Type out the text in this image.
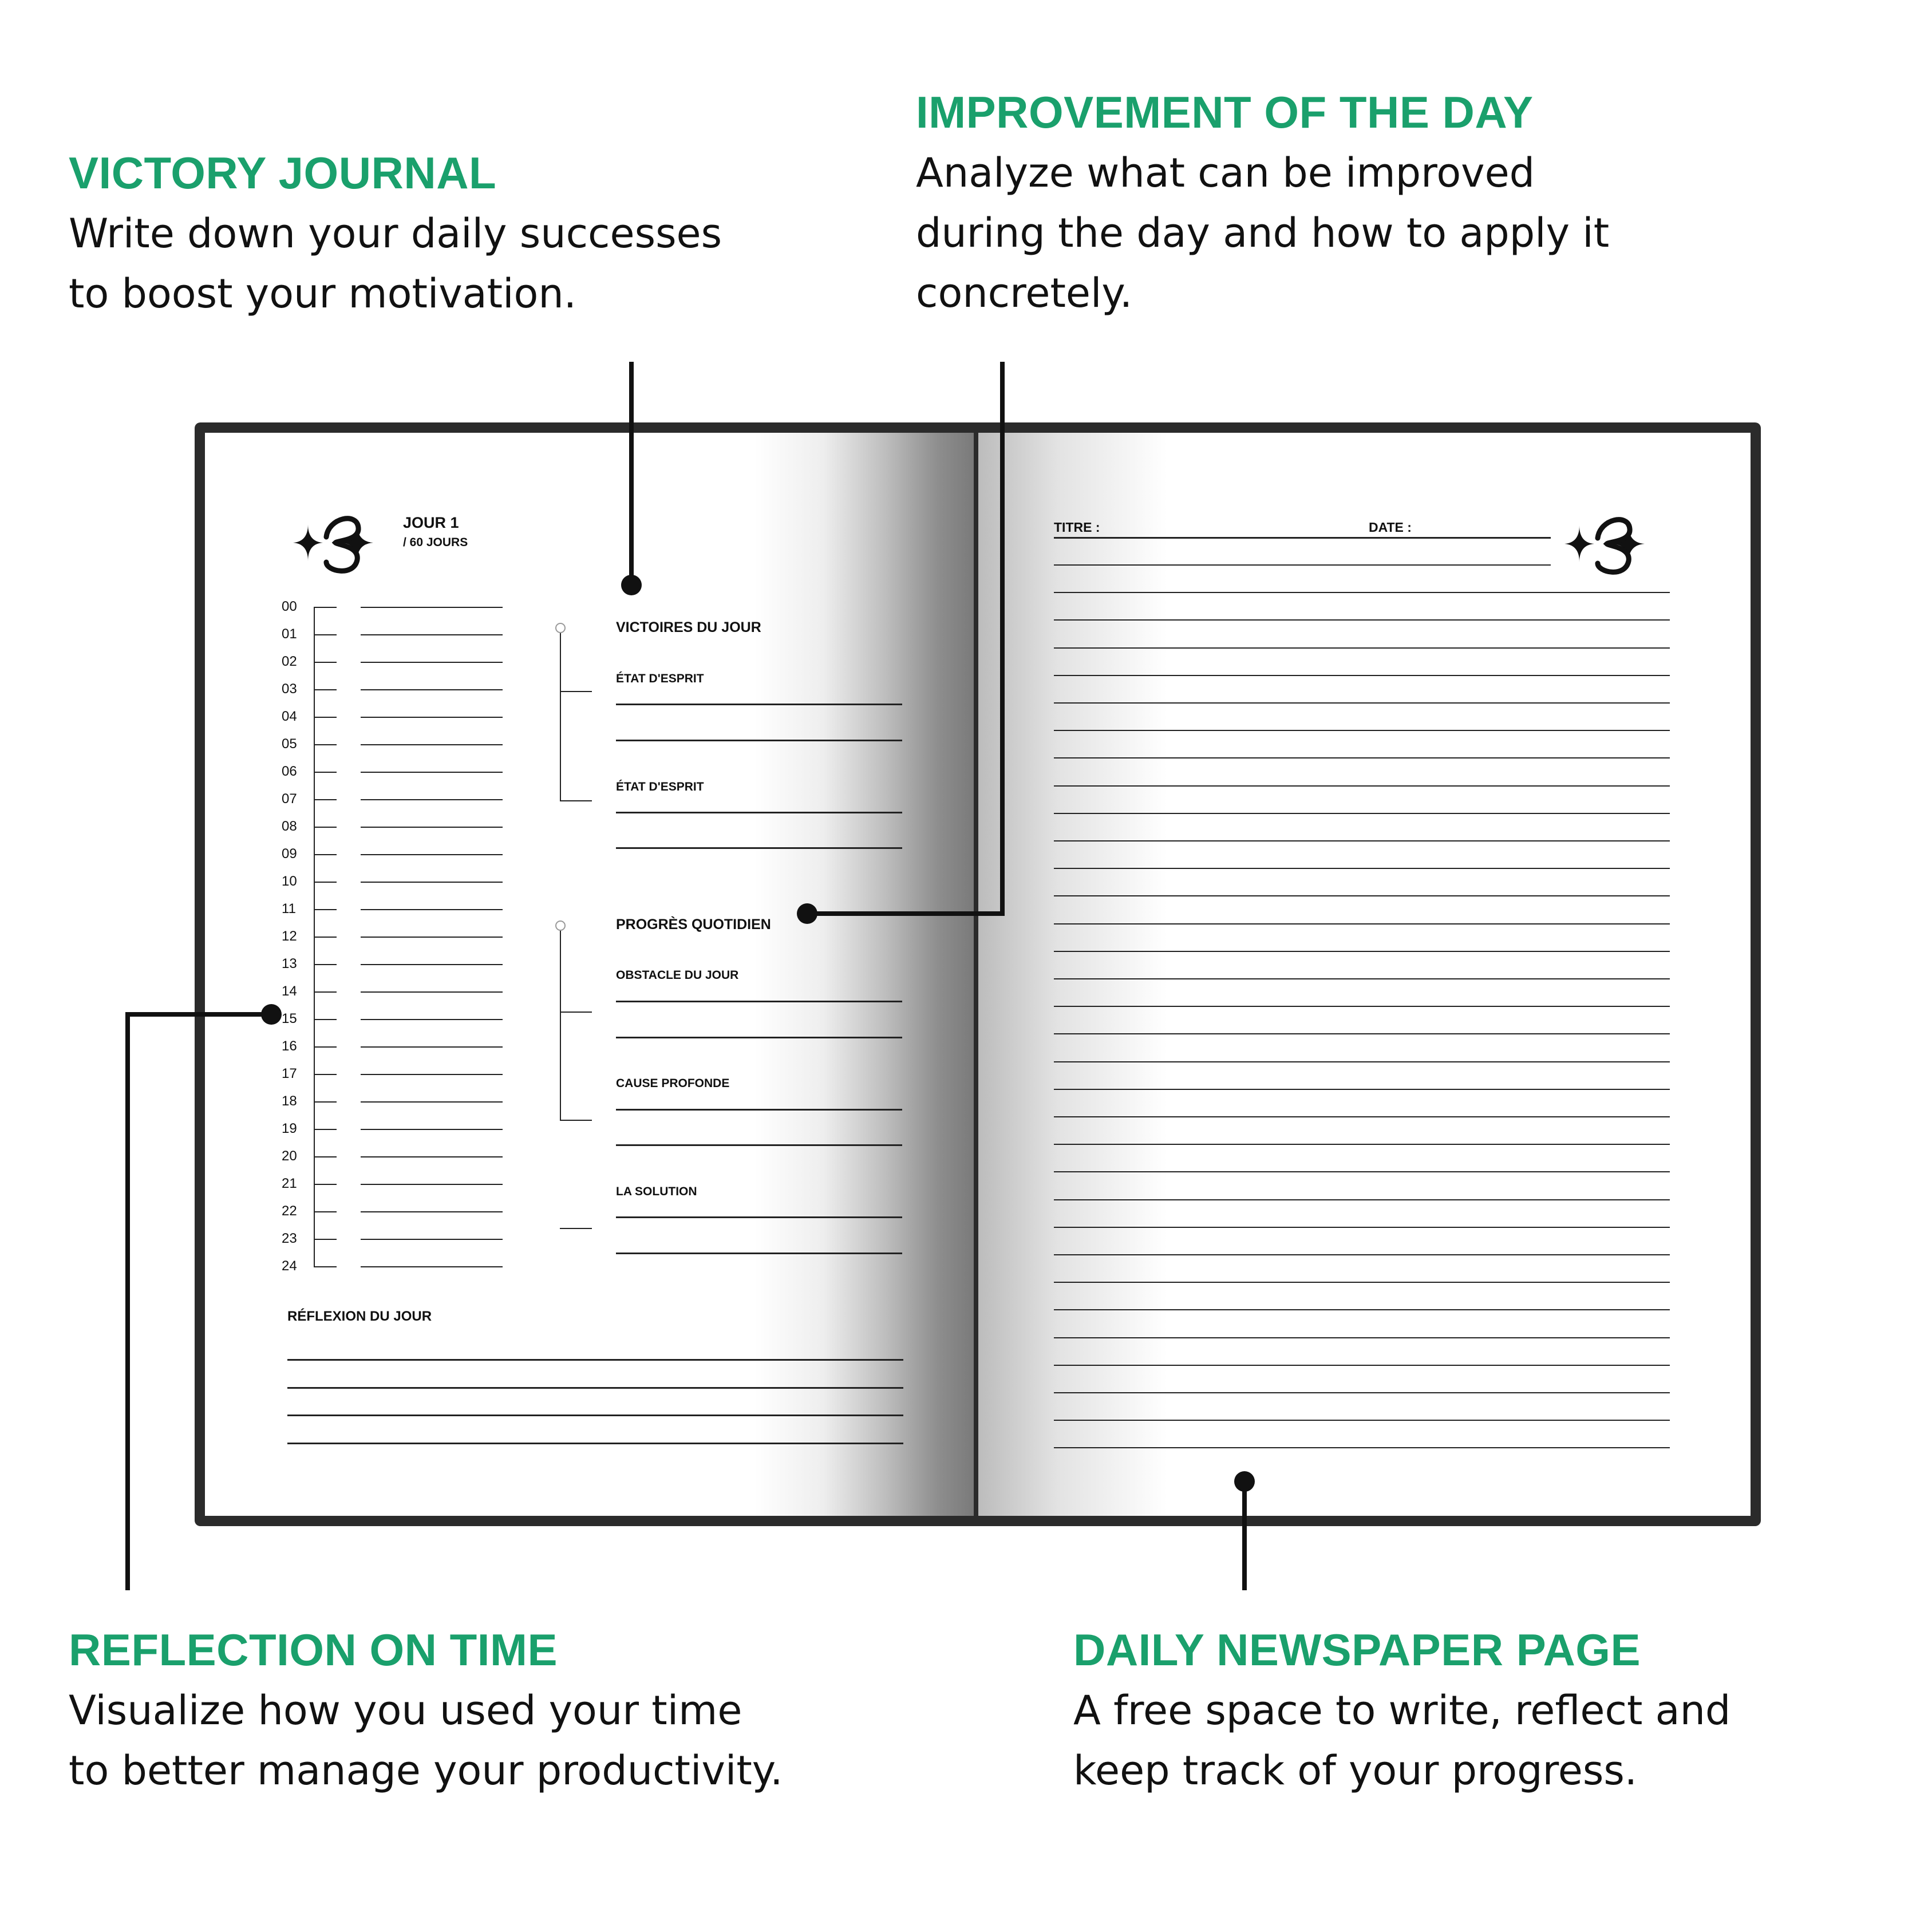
VICTORY JOURNAL
Write down your daily successes
to boost your motivation.
IMPROVEMENT OF THE DAY
Analyze what can be improved
during the day and how to apply it
concretely.
REFLECTION ON TIME
Visualize how you used your time
to better manage your productivity.
DAILY NEWSPAPER PAGE
A free space to write, reflect and
keep track of your progress.
JOUR 1
/ 60 JOURS
00
01
02
03
04
05
06
07
08
09
10
11
12
13
14
15
16
17
18
19
20
21
22
23
24
VICTOIRES DU JOUR
ÉTAT D'ESPRIT
ÉTAT D'ESPRIT
PROGRÈS QUOTIDIEN
OBSTACLE DU JOUR
CAUSE PROFONDE
LA SOLUTION
RÉFLEXION DU JOUR
TITRE :	DATE :
